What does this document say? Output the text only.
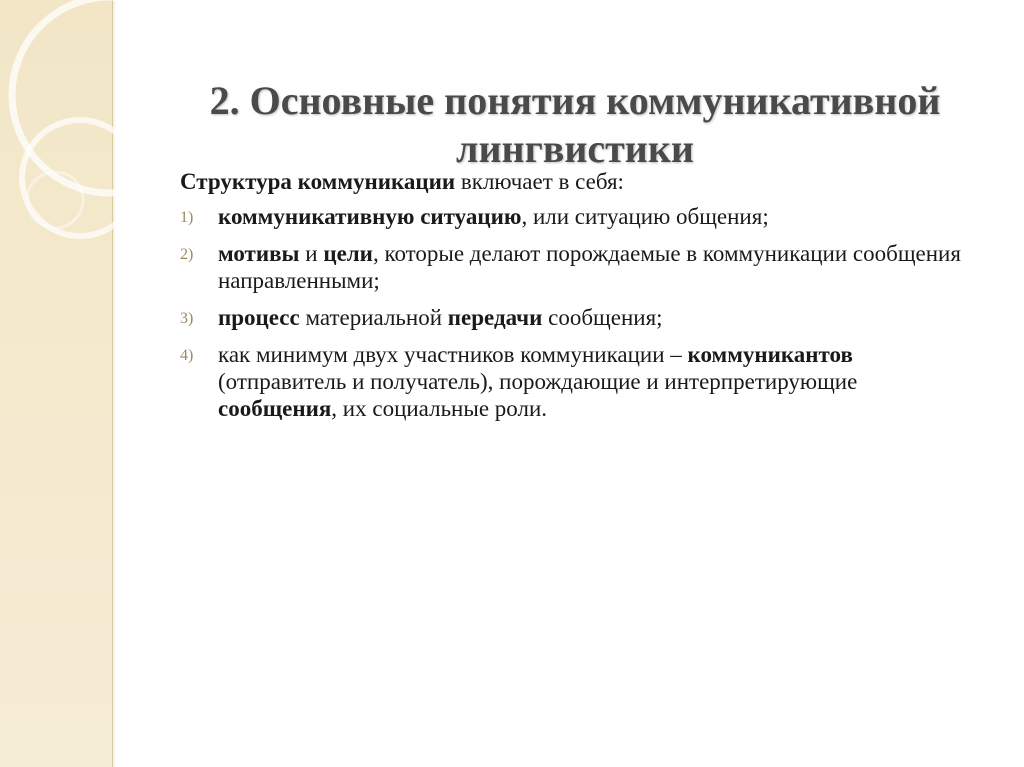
2. Основные понятия коммуникативной
лингвистики

Структура коммуникации включает в себя:

1) коммуникативную ситуацию, или ситуацию общения;
2) мотивы и цели, которые делают порождаемые в коммуникации сообщения направленными;
3) процесс материальной передачи сообщения;
4) как минимум двух участников коммуникации – коммуникантов (отправитель и получатель), порождающие и интерпретирующие сообщения, их социальные роли.
